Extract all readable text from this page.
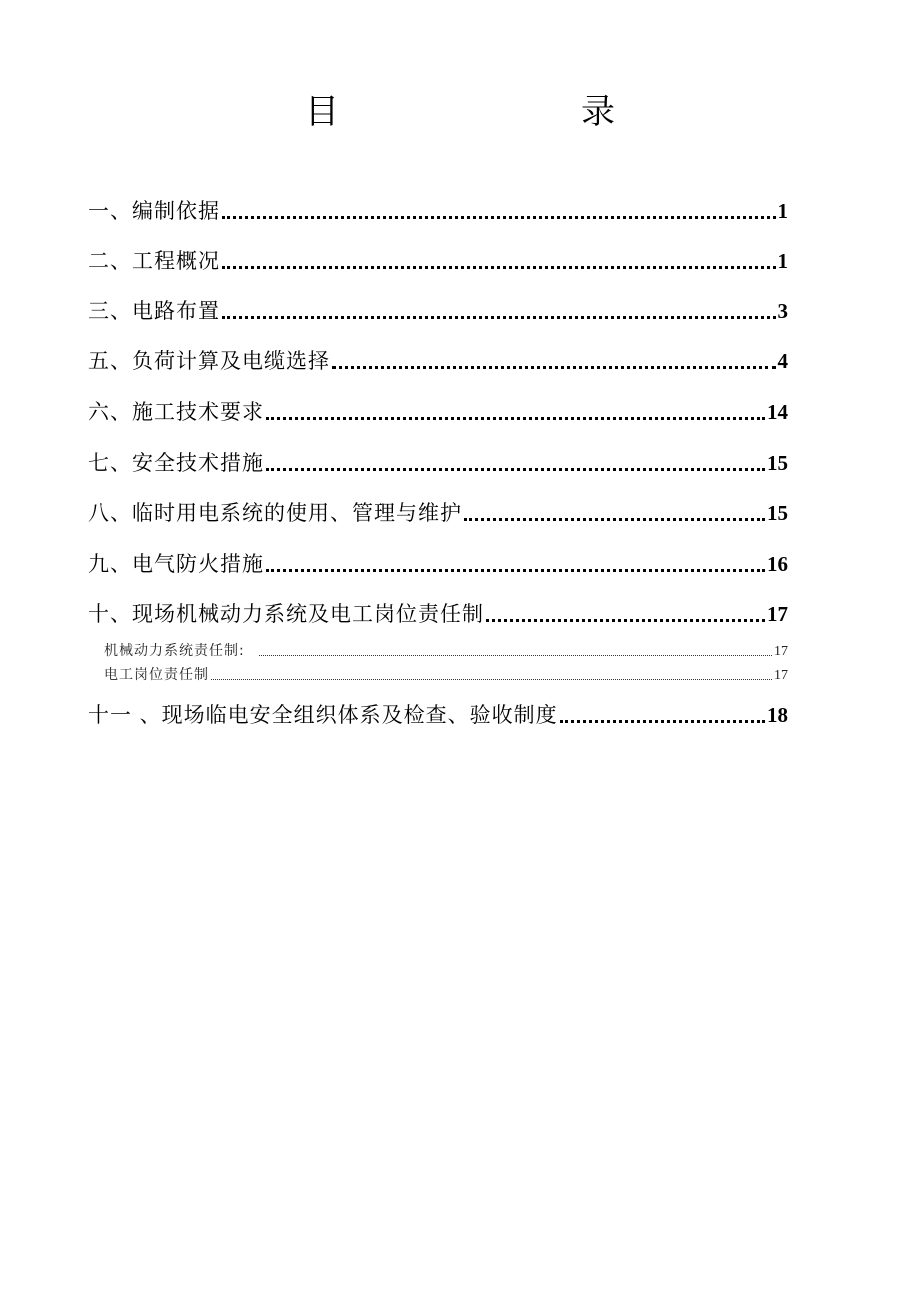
目　录
一、编制依据	1
二、工程概况	1
三、电路布置	3
五、负荷计算及电缆选择	4
六、施工技术要求	14
七、安全技术措施	15
八、临时用电系统的使用、管理与维护	15
九、电气防火措施	16
十、现场机械动力系统及电工岗位责任制	17
机械动力系统责任制:	17
电工岗位责任制	17
十一 、现场临电安全组织体系及检查、验收制度	18
